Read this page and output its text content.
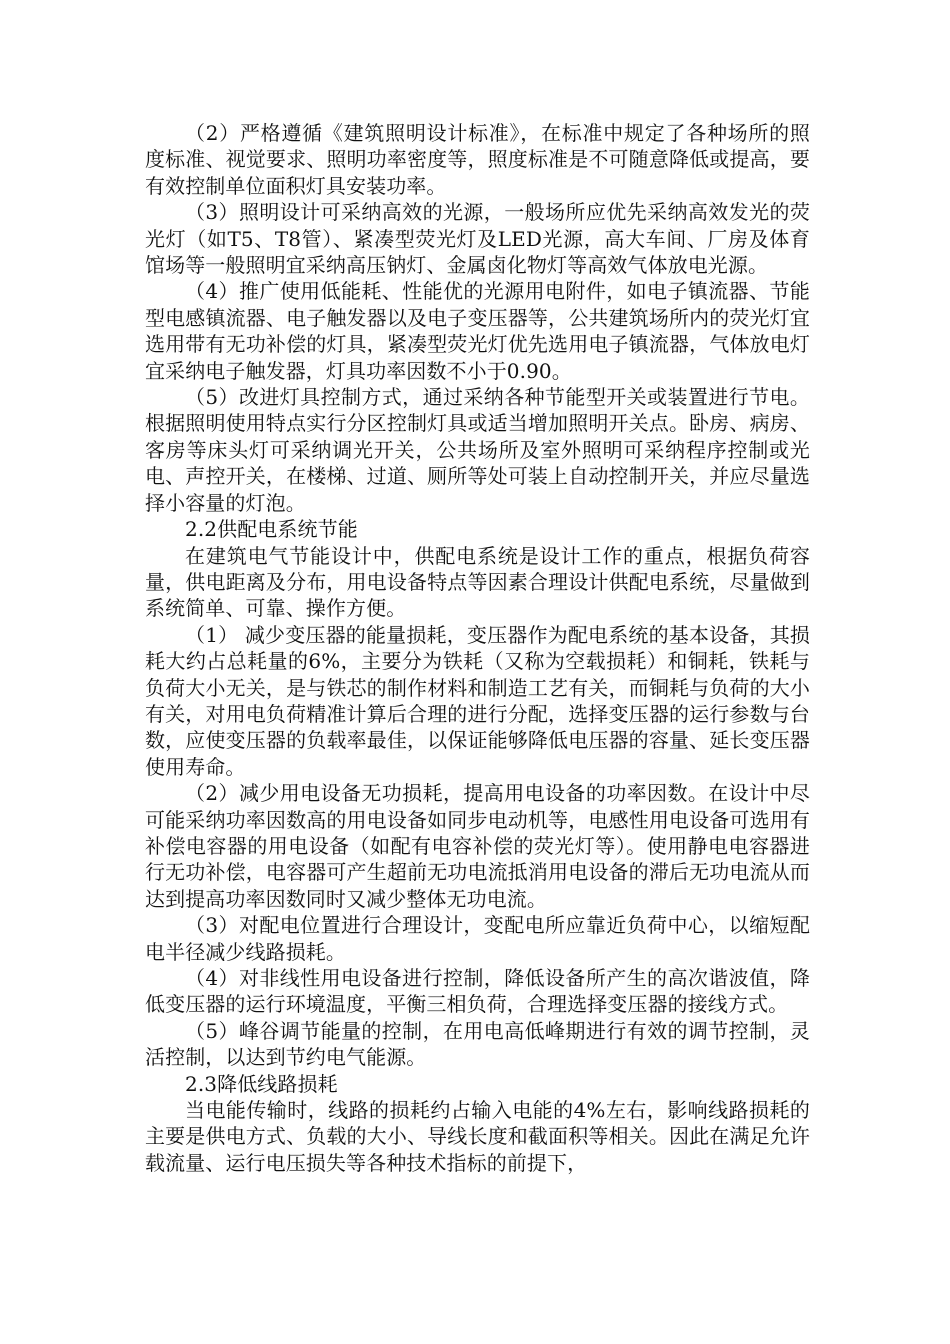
（2）严格遵循《建筑照明设计标准》，在标准中规定了各种场所的照度标准、视觉要求、照明功率密度等，照度标准是不可随意降低或提高，要有效控制单位面积灯具安装功率。

（3）照明设计可采纳高效的光源，一般场所应优先采纳高效发光的荧光灯（如T5、T8管）、紧凑型荧光灯及LED光源，高大车间、厂房及体育馆场等一般照明宜采纳高压钠灯、金属卤化物灯等高效气体放电光源。

（4）推广使用低能耗、性能优的光源用电附件，如电子镇流器、节能型电感镇流器、电子触发器以及电子变压器等，公共建筑场所内的荧光灯宜选用带有无功补偿的灯具，紧凑型荧光灯优先选用电子镇流器，气体放电灯宜采纳电子触发器，灯具功率因数不小于0.90。

（5）改进灯具控制方式，通过采纳各种节能型开关或装置进行节电。根据照明使用特点实行分区控制灯具或适当增加照明开关点。卧房、病房、客房等床头灯可采纳调光开关，公共场所及室外照明可采纳程序控制或光电、声控开关，在楼梯、过道、厕所等处可装上自动控制开关，并应尽量选择小容量的灯泡。

2.2供配电系统节能

在建筑电气节能设计中，供配电系统是设计工作的重点，根据负荷容量，供电距离及分布，用电设备特点等因素合理设计供配电系统，尽量做到系统简单、可靠、操作方便。

（1） 减少变压器的能量损耗，变压器作为配电系统的基本设备，其损耗大约占总耗量的6%，主要分为铁耗（又称为空载损耗）和铜耗，铁耗与负荷大小无关，是与铁芯的制作材料和制造工艺有关，而铜耗与负荷的大小有关，对用电负荷精准计算后合理的进行分配，选择变压器的运行参数与台数，应使变压器的负载率最佳，以保证能够降低电压器的容量、延长变压器使用寿命。

（2）减少用电设备无功损耗，提高用电设备的功率因数。在设计中尽可能采纳功率因数高的用电设备如同步电动机等，电感性用电设备可选用有补偿电容器的用电设备（如配有电容补偿的荧光灯等）。使用静电电容器进行无功补偿，电容器可产生超前无功电流抵消用电设备的滞后无功电流从而达到提高功率因数同时又减少整体无功电流。

（3）对配电位置进行合理设计，变配电所应靠近负荷中心，以缩短配电半径减少线路损耗。

（4）对非线性用电设备进行控制，降低设备所产生的高次谐波值，降低变压器的运行环境温度，平衡三相负荷，合理选择变压器的接线方式。

（5）峰谷调节能量的控制，在用电高低峰期进行有效的调节控制，灵活控制，以达到节约电气能源。

2.3降低线路损耗

当电能传输时，线路的损耗约占输入电能的4%左右，影响线路损耗的主要是供电方式、负载的大小、导线长度和截面积等相关。因此在满足允许载流量、运行电压损失等各种技术指标的前提下，
